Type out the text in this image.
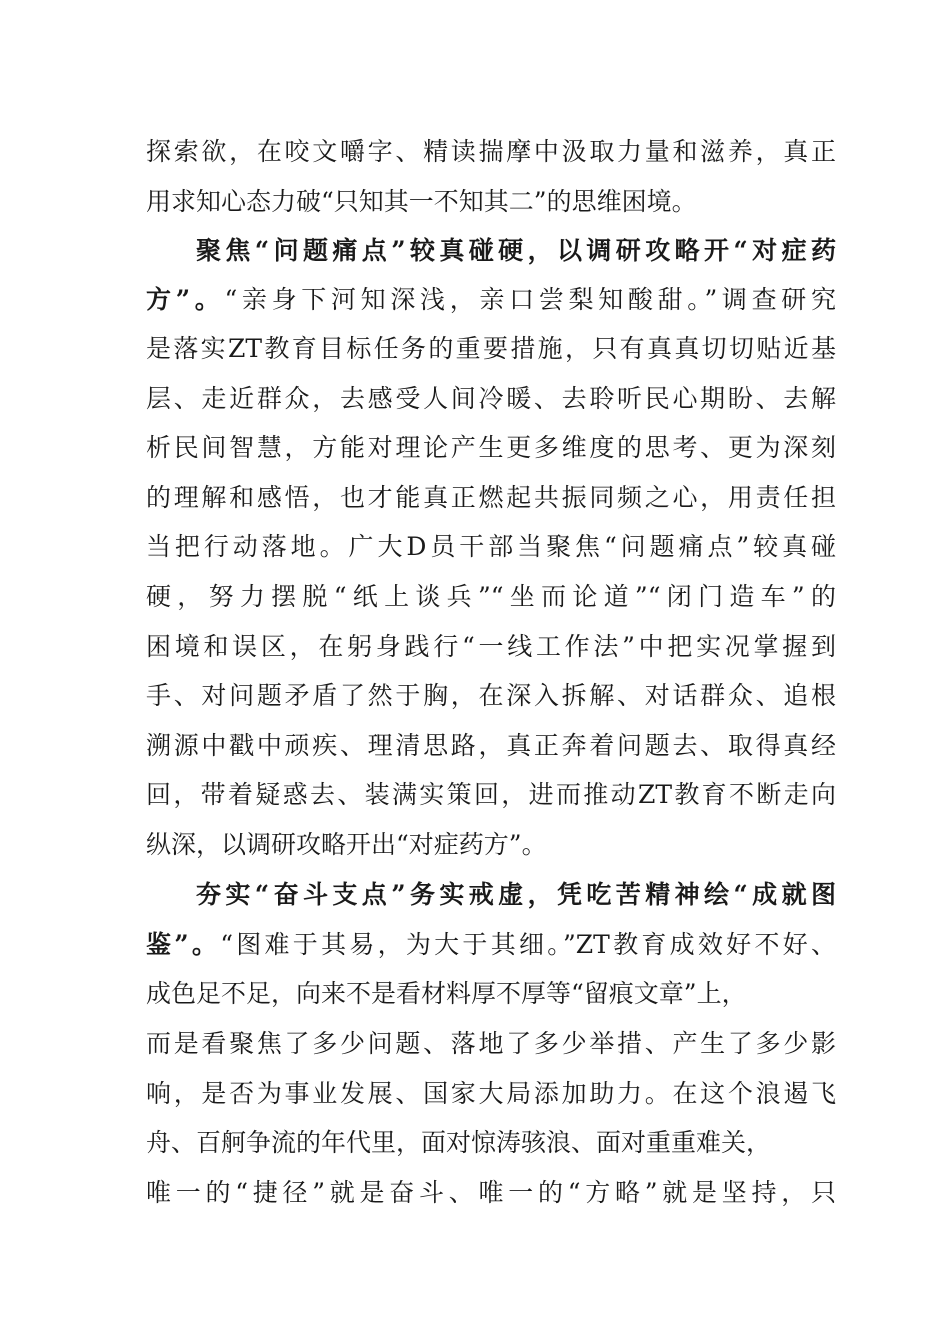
探索欲，在咬文嚼字、精读揣摩中汲取力量和滋养，真正
用求知心态力破“只知其一不知其二”的思维困境。
聚焦“问题痛点”较真碰硬，以调研攻略开“对症药
方”。“亲身下河知深浅，亲口尝梨知酸甜。”调查研究
是落实ZT教育目标任务的重要措施，只有真真切切贴近基
层、走近群众，去感受人间冷暖、去聆听民心期盼、去解
析民间智慧，方能对理论产生更多维度的思考、更为深刻
的理解和感悟，也才能真正燃起共振同频之心，用责任担
当把行动落地。广大D员干部当聚焦“问题痛点”较真碰
硬，努力摆脱“纸上谈兵”“坐而论道”“闭门造车”的
困境和误区，在躬身践行“一线工作法”中把实况掌握到
手、对问题矛盾了然于胸，在深入拆解、对话群众、追根
溯源中戳中顽疾、理清思路，真正奔着问题去、取得真经
回，带着疑惑去、装满实策回，进而推动ZT教育不断走向
纵深，以调研攻略开出“对症药方”。
夯实“奋斗支点”务实戒虚，凭吃苦精神绘“成就图
鉴”。“图难于其易，为大于其细。”ZT教育成效好不好、
成色足不足，向来不是看材料厚不厚等“留痕文章”上，
而是看聚焦了多少问题、落地了多少举措、产生了多少影
响，是否为事业发展、国家大局添加助力。在这个浪遏飞
舟、百舸争流的年代里，面对惊涛骇浪、面对重重难关，
唯一的“捷径”就是奋斗、唯一的“方略”就是坚持，只
